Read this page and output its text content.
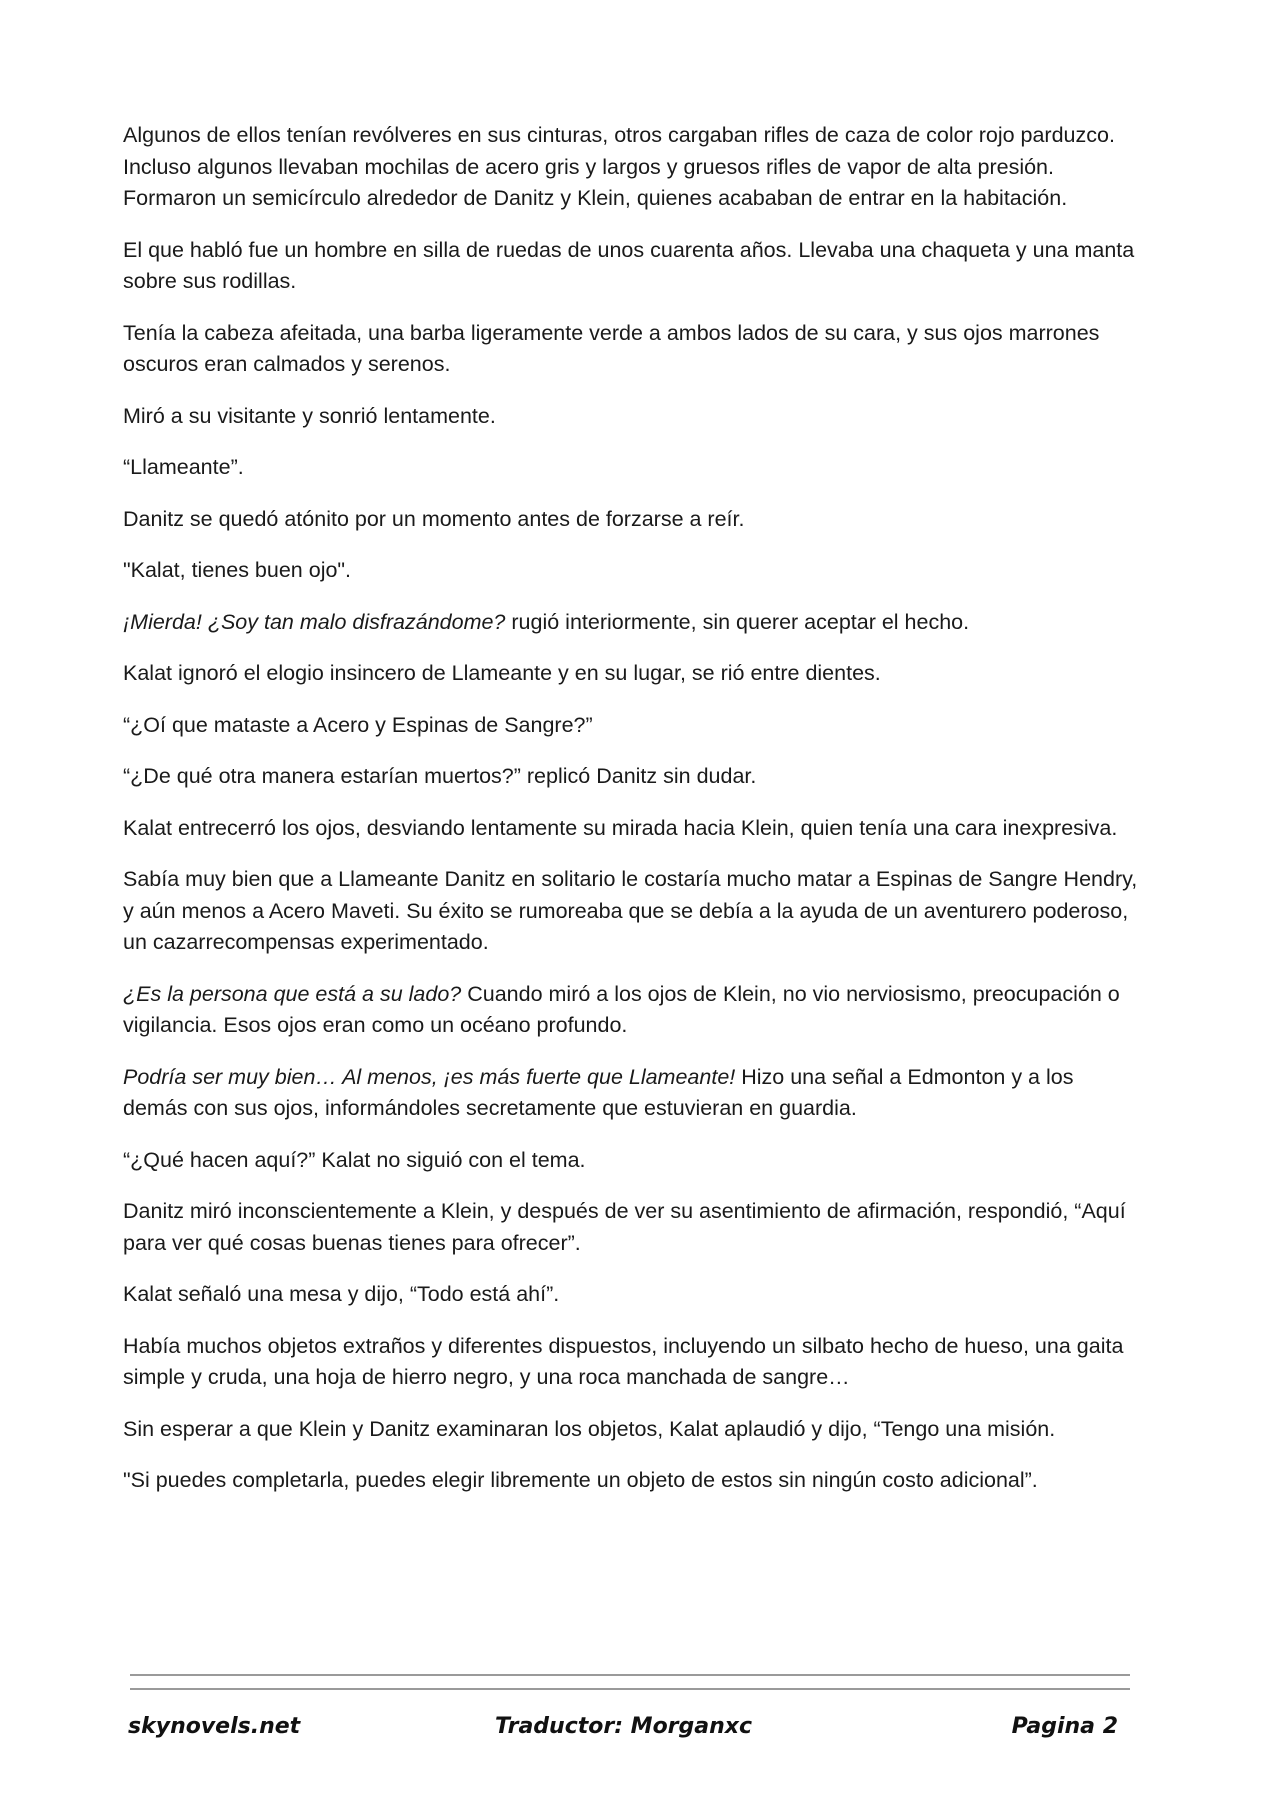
Algunos de ellos tenían revólveres en sus cinturas, otros cargaban rifles de caza de color rojo parduzco. Incluso algunos llevaban mochilas de acero gris y largos y gruesos rifles de vapor de alta presión. Formaron un semicírculo alrededor de Danitz y Klein, quienes acababan de entrar en la habitación.

El que habló fue un hombre en silla de ruedas de unos cuarenta años. Llevaba una chaqueta y una manta sobre sus rodillas.

Tenía la cabeza afeitada, una barba ligeramente verde a ambos lados de su cara, y sus ojos marrones oscuros eran calmados y serenos.

Miró a su visitante y sonrió lentamente.

“Llameante”.

Danitz se quedó atónito por un momento antes de forzarse a reír.

"Kalat, tienes buen ojo".

¡Mierda! ¿Soy tan malo disfrazándome? rugió interiormente, sin querer aceptar el hecho.

Kalat ignoró el elogio insincero de Llameante y en su lugar, se rió entre dientes.

“¿Oí que mataste a Acero y Espinas de Sangre?”

“¿De qué otra manera estarían muertos?” replicó Danitz sin dudar.

Kalat entrecerró los ojos, desviando lentamente su mirada hacia Klein, quien tenía una cara inexpresiva.

Sabía muy bien que a Llameante Danitz en solitario le costaría mucho matar a Espinas de Sangre Hendry, y aún menos a Acero Maveti. Su éxito se rumoreaba que se debía a la ayuda de un aventurero poderoso, un cazarrecompensas experimentado.

¿Es la persona que está a su lado? Cuando miró a los ojos de Klein, no vio nerviosismo, preocupación o vigilancia. Esos ojos eran como un océano profundo.

Podría ser muy bien… Al menos, ¡es más fuerte que Llameante! Hizo una señal a Edmonton y a los demás con sus ojos, informándoles secretamente que estuvieran en guardia.

“¿Qué hacen aquí?” Kalat no siguió con el tema.

Danitz miró inconscientemente a Klein, y después de ver su asentimiento de afirmación, respondió, “Aquí para ver qué cosas buenas tienes para ofrecer”.

Kalat señaló una mesa y dijo, “Todo está ahí”.

Había muchos objetos extraños y diferentes dispuestos, incluyendo un silbato hecho de hueso, una gaita simple y cruda, una hoja de hierro negro, y una roca manchada de sangre…

Sin esperar a que Klein y Danitz examinaran los objetos, Kalat aplaudió y dijo, “Tengo una misión.

"Si puedes completarla, puedes elegir libremente un objeto de estos sin ningún costo adicional”.

skynovels.net	Traductor: Morganxc	Pagina 2
